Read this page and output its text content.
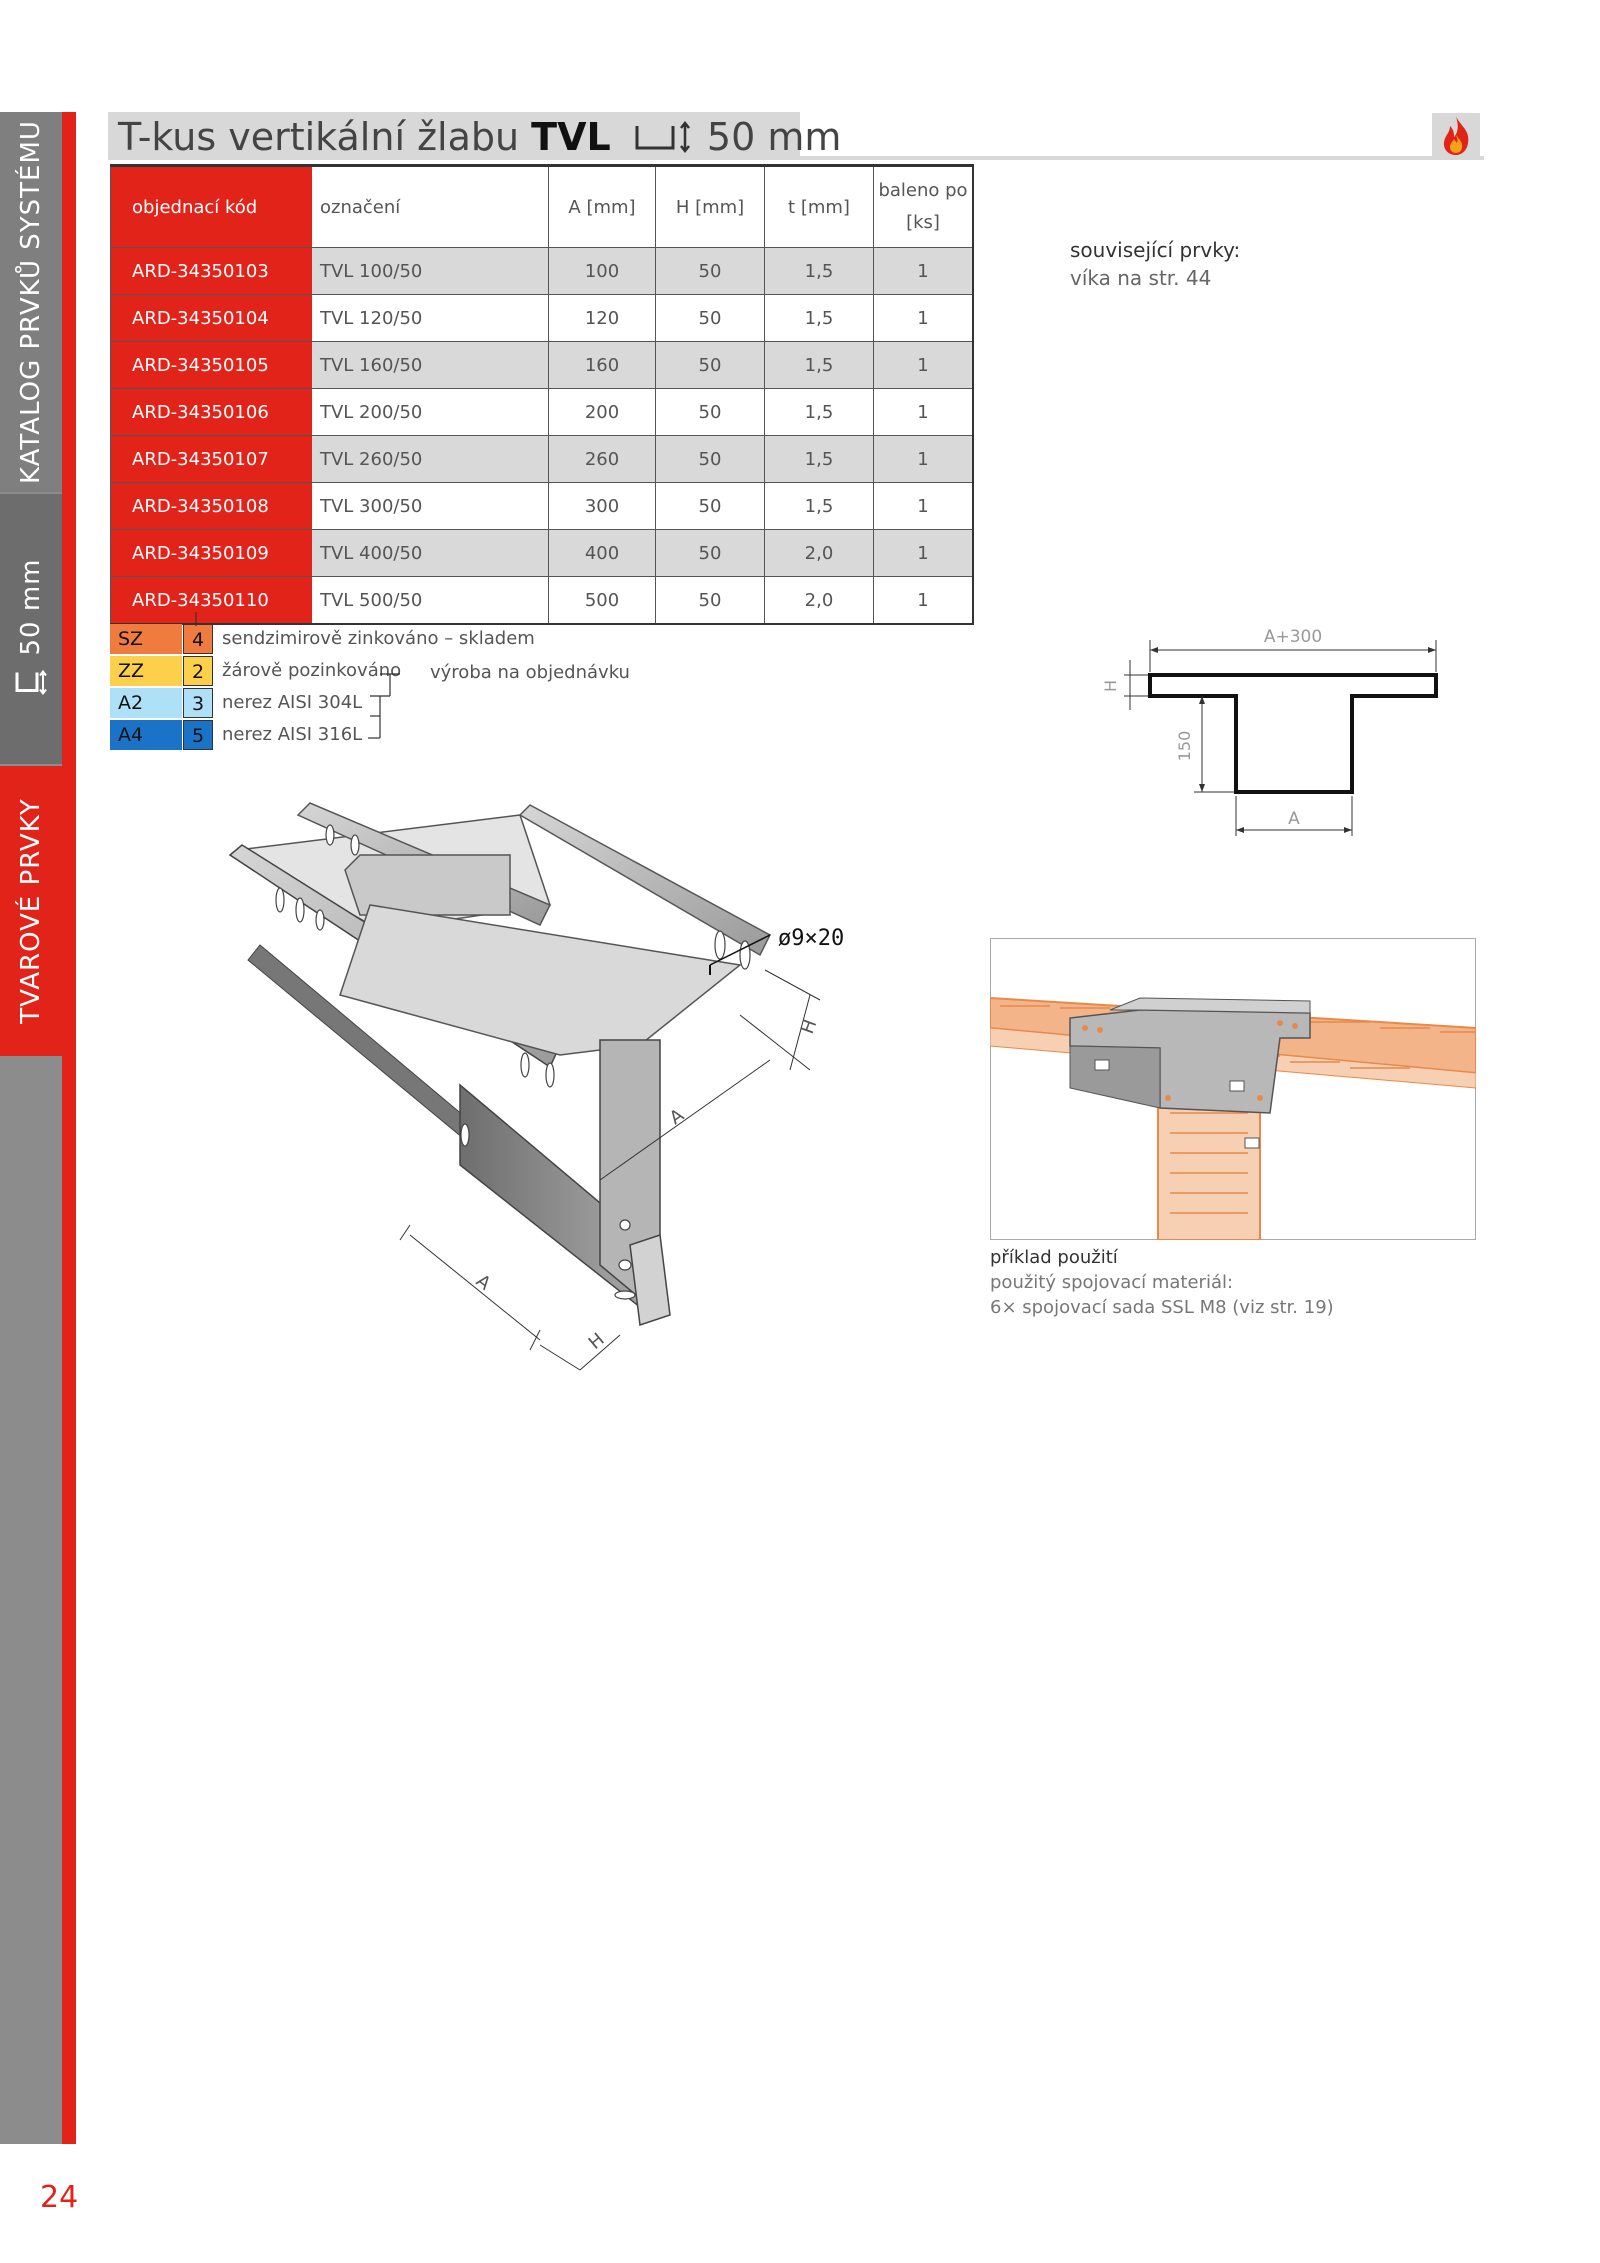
KATALOG PRVKŮ SYSTÉMU
50 mm
TVAROVÉ PRVKY
24
T-kus vertikální žlabu TVL	50 mm
objednací kód	označení	A [mm]	H [mm]	t [mm]	baleno po
[ks]
ARD-34350103	TVL 100/50	100	50	1,5	1
ARD-34350104	TVL 120/50	120	50	1,5	1
ARD-34350105	TVL 160/50	160	50	1,5	1
ARD-34350106	TVL 200/50	200	50	1,5	1
ARD-34350107	TVL 260/50	260	50	1,5	1
ARD-34350108	TVL 300/50	300	50	1,5	1
ARD-34350109	TVL 400/50	400	50	2,0	1
ARD-34350110	TVL 500/50	500	50	2,0	1
SZ	4 sendzimirově zinkováno – skladem
ZZ	2 žárově pozinkováno
A2	3 nerez AISI 304L
A4	5 nerez AISI 316L
výroba na objednávku
související prvky:
víka na str. 44
A+300
H
150
A
ø9×20
H
A
A
H
příklad použití
použitý spojovací materiál:
6× spojovací sada SSL M8 (viz str. 19)
